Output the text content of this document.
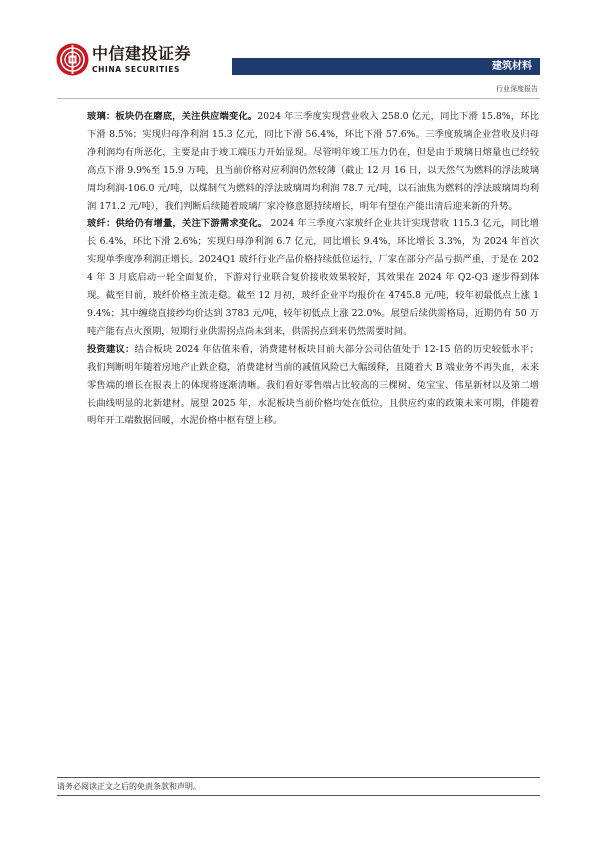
中信建投证券
CHINA SECURITIES	建筑材料
行业深度报告

玻璃：板块仍在磨底，关注供应端变化。2024 年三季度实现营业收入 258.0 亿元，同比下滑 15.8%，环比下滑 8.5%；实现归母净利润 15.3 亿元，同比下滑 56.4%，环比下滑 57.6%。三季度玻璃企业营收及归母净利润均有所恶化，主要是由于竣工端压力开始显现。尽管明年竣工压力仍在，但是由于玻璃日熔量也已经较高点下滑 9.9%至 15.9 万吨，且当前价格对应利润仍然较薄（截止 12 月 16 日，以天然气为燃料的浮法玻璃周均利润-106.0 元/吨，以煤制气为燃料的浮法玻璃周均利润 78.7 元/吨，以石油焦为燃料的浮法玻璃周均利润 171.2 元/吨），我们判断后续随着玻璃厂家冷修意愿持续增长，明年有望在产能出清后迎来新的升势。

玻纤：供给仍有增量，关注下游需求变化。 2024 年三季度六家玻纤企业共计实现营收 115.3 亿元，同比增长 6.4%，环比下滑 2.6%；实现归母净利润 6.7 亿元，同比增长 9.4%，环比增长 3.3%，为 2024 年首次实现单季度净利润正增长。2024Q1 玻纤行业产品价格持续低位运行，厂家在部分产品亏损严重，于是在 2024 年 3 月底启动一轮全面复价，下游对行业联合复价接收效果较好，其效果在 2024 年 Q2-Q3 逐步得到体现。截至目前，玻纤价格主流走稳。截至 12 月初，玻纤企业平均报价在 4745.8 元/吨，较年初最低点上涨 19.4%；其中缠绕直接纱均价达到 3783 元/吨，较年初低点上涨 22.0%。展望后续供需格局，近期仍有 50 万吨产能有点火预期，短期行业供需拐点尚未到来，供需拐点到来仍然需要时间。

投资建议：结合板块 2024 年估值来看，消费建材板块目前大部分公司估值处于 12-15 倍的历史较低水平；我们判断明年随着房地产止跌企稳，消费建材当前的减值风险已大幅缓释，且随着大 B 端业务不再失血，未来零售端的增长在报表上的体现将逐渐清晰。我们看好零售端占比较高的三棵树、兔宝宝、伟星新材以及第二增长曲线明显的北新建材。展望 2025 年，水泥板块当前价格均处在低位，且供应约束的政策未来可期，伴随着明年开工端数据回暖，水泥价格中枢有望上移。

请务必阅读正文之后的免责条款和声明。
